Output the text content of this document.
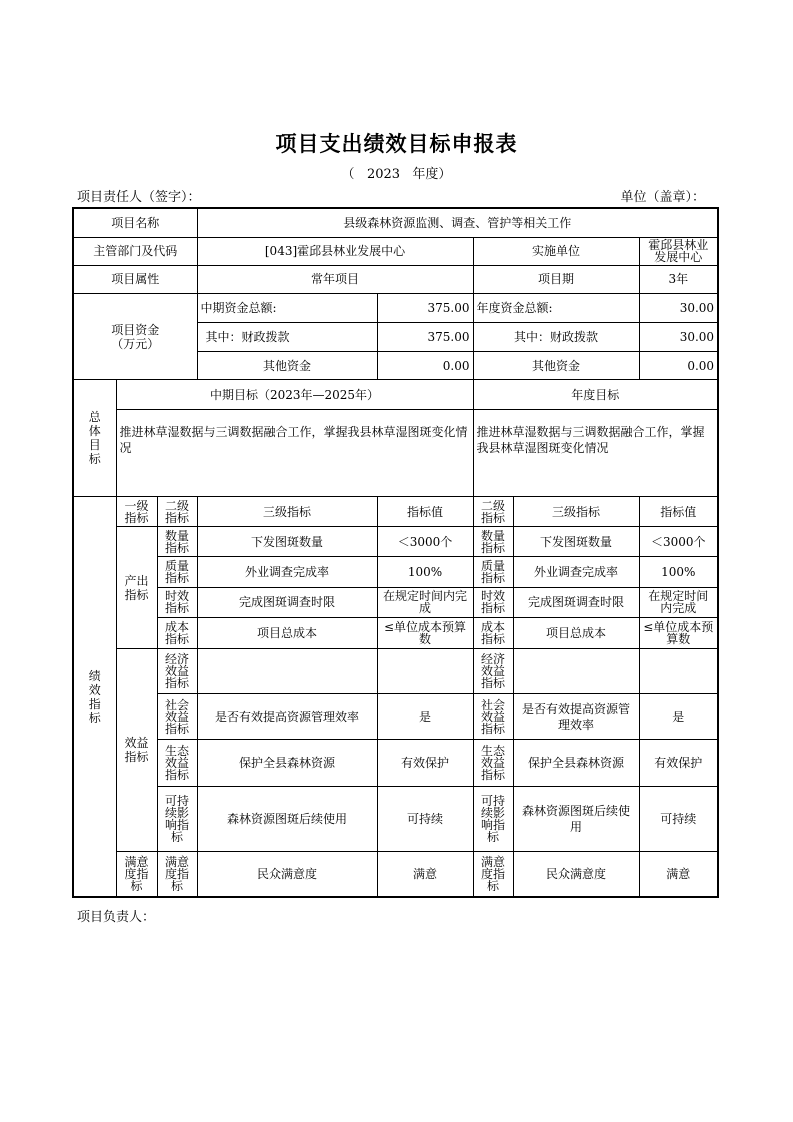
项目支出绩效目标申报表
（   2023   年度）
项目责任人（签字）：	单位（盖章）：
项目名称			县级森林资源监测、调查、管护等相关工作				
主管部门及代码			[043]霍邱县林业发展中心		实施单位		霍邱县林业发展中心
项目属性			常年项目		项目期		3年
项目资金
（万元）			中期资金总额:	375.00	年度资金总额:		30.00
			其中：财政拨款	375.00	其中：财政拨款		30.00
			其他资金	0.00	其他资金		0.00
总
体
目
标	中期目标（2023年—2025年）				年度目标		
	推进林草湿数据与三调数据融合工作，掌握我县林草湿图斑变化情况				推进林草湿数据与三调数据融合工作，掌握我县林草湿图斑变化情况		
绩
效
指
标	一级指标	二级指标	三级指标	指标值	二级指标	三级指标	指标值
	产出
指标	数量指标	下发图斑数量	＜3000个	数量指标	下发图斑数量	＜3000个
		质量指标	外业调查完成率	100%	质量指标	外业调查完成率	100%
		时效指标	完成图斑调查时限	在规定时间内完成	时效指标	完成图斑调查时限	在规定时间内完成
		成本指标	项目总成本	≤单位成本预算数	成本指标	项目总成本	≤单位成本预算数
	效益
指标	经济效益指标			经济效益指标		
		社会效益指标	是否有效提高资源管理效率	是	社会效益指标	是否有效提高资源管理效率	是
		生态效益指标	保护全县森林资源	有效保护	生态效益指标	保护全县森林资源	有效保护
		可持续影响指标	森林资源图斑后续使用	可持续	可持续影响指标	森林资源图斑后续使用	可持续
	满意度指标	满意度指标	民众满意度	满意	满意度指标	民众满意度	满意
项目负责人：
